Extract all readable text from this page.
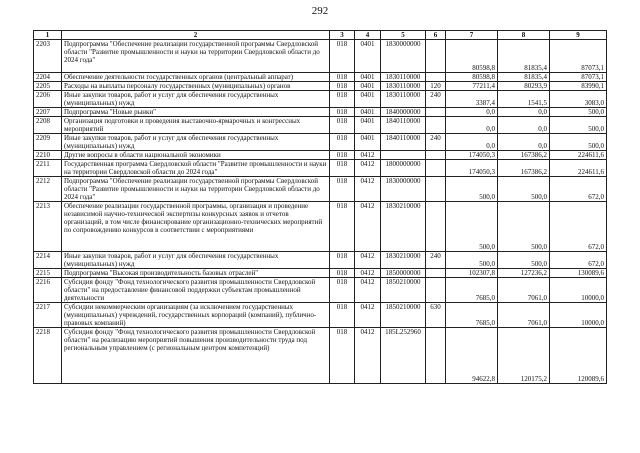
292
1	2	3	4	5	6	7	8	9
2203	Подпрограмма "Обеспечение реализации государственной программы Свердловской области "Развитие промышленности и науки на территории Свердловской области до 2024 года"	018	0401	1830000000		80598,8	81835,4	87073,1
2204	Обеспечение деятельности государственных органов (центральный аппарат)	018	0401	1830110000		80598,8	81835,4	87073,1
2205	Расходы на выплаты персоналу государственных (муниципальных) органов	018	0401	1830110000	120	77211,4	80293,9	83990,1
2206	Иные закупки товаров, работ и услуг для обеспечения государственных (муниципальных) нужд	018	0401	1830110000	240	3387,4	1541,5	3083,0
2207	Подпрограмма "Новые рынки"	018	0401	1840000000		0,0	0,0	500,0
2208	Организация подготовки и проведения выставочно-ярмарочных и конгрессных мероприятий	018	0401	1840110000		0,0	0,0	500,0
2209	Иные закупки товаров, работ и услуг для обеспечения государственных (муниципальных) нужд	018	0401	1840110000	240	0,0	0,0	500,0
2210	Другие вопросы в области национальной экономики	018	0412			174050,3	167386,2	224611,6
2211	Государственная программа Свердловской области "Развитие промышленности и науки на территории Свердловской области до 2024 года"	018	0412	1800000000		174050,3	167386,2	224611,6
2212	Подпрограмма "Обеспечение реализации государственной программы Свердловской области "Развитие промышленности и науки на территории Свердловской области до 2024 года"	018	0412	1830000000		500,0	500,0	672,0
2213	Обеспечение реализации государственной программы, организация и проведение независимой научно-технической экспертизы конкурсных заявок и отчетов организаций, в том числе финансирование организационно-технических мероприятий по сопровождению конкурсов в соответствии с мероприятиями	018	0412	1830210000		500,0	500,0	672,0
2214	Иные закупки товаров, работ и услуг для обеспечения государственных (муниципальных) нужд	018	0412	1830210000	240	500,0	500,0	672,0
2215	Подпрограмма "Высокая производительность базовых отраслей"	018	0412	1850000000		102307,8	127236,2	130089,6
2216	Субсидия фонду "Фонд технологического развития промышленности Свердловской области" на предоставление финансовой поддержки субъектам промышленной деятельности	018	0412	1850210000		7685,0	7061,0	10000,0
2217	Субсидии некоммерческим организациям (за исключением государственных (муниципальных) учреждений, государственных корпораций (компаний), публично-правовых компаний)	018	0412	1850210000	630	7685,0	7061,0	10000,0
2218	Субсидия фонду "Фонд технологического развития промышленности Свердловской области" на реализацию мероприятий повышения производительности труда под региональным управлением (с региональным центром компетенций)	018	0412	185L252960		94622,8	120175,2	120089,6
